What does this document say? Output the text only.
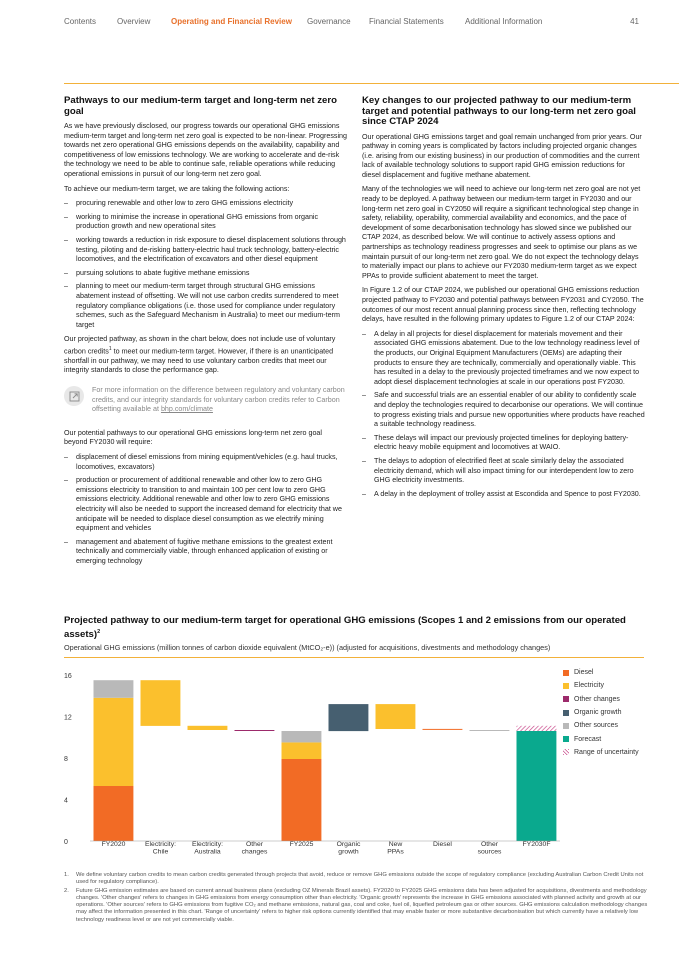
Contents	Overview	Operating and Financial Review Governance Financial Statements	Additional Information	41
Pathways to our medium-term target and long-term net zero goal

As we have previously disclosed, our progress towards our operational GHG emissions medium-term target and long-term net zero goal is expected to be non-linear. Progressing towards net zero operational GHG emissions depends on the availability, capability and competitiveness of low emissions technology. We are working to accelerate and de-risk the technology we need to be able to continue safe, reliable operations while reducing operational emissions in pursuit of our long-term net zero goal.

To achieve our medium-term target, we are taking the following actions:

– procuring renewable and other low to zero GHG emissions electricity
– working to minimise the increase in operational GHG emissions from organic production growth and new operational sites
– working towards a reduction in risk exposure to diesel displacement solutions through testing, piloting and de-risking battery-electric haul truck technology, battery-electric locomotives, and the electrification of excavators and other diesel equipment
– pursuing solutions to abate fugitive methane emissions
– planning to meet our medium-term target through structural GHG emissions abatement instead of offsetting. We will not use carbon credits surrendered to meet regulatory compliance obligations (i.e. those used for compliance under regulatory schemes, such as the Safeguard Mechanism in Australia) to meet our medium-term target

Our projected pathway, as shown in the chart below, does not include use of voluntary carbon credits$^1$ to meet our medium-term target. However, if there is an unanticipated shortfall in our pathway, we may need to use voluntary carbon credits that meet our integrity standards to close the performance gap.

For more information on the difference between regulatory and voluntary carbon credits, and our integrity standards for voluntary carbon credits refer to Carbon offsetting available at bhp.com/climate

Our potential pathways to our operational GHG emissions long-term net zero goal beyond FY2030 will require:

– displacement of diesel emissions from mining equipment/vehicles (e.g. haul trucks, locomotives, excavators)
– production or procurement of additional renewable and other low to zero GHG emissions electricity to transition to and maintain 100 per cent low to zero GHG emissions electricity. Additional renewable and other low to zero GHG emissions electricity will also be needed to support the increased demand for electricity that we anticipate will be needed to displace diesel consumption as we electrify mining equipment and vehicles
– management and abatement of fugitive methane emissions to the greatest extent technically and commercially viable, through enhanced application of existing or emerging technology
Key changes to our projected pathway to our medium-term target and potential pathways to our long-term net zero goal since CTAP 2024

Our operational GHG emissions target and goal remain unchanged from prior years. Our pathway in coming years is complicated by factors including projected organic changes (i.e. arising from our existing business) in our production of commodities and the current lack of available technology solutions to support rapid GHG emission reductions for diesel displacement and fugitive methane abatement.

Many of the technologies we will need to achieve our long-term net zero goal are not yet ready to be deployed. A pathway between our medium-term target in FY2030 and our long-term net zero goal in CY2050 will require a significant technological step change in safety, reliability, operability, commercial availability and economics, and the pace of development of some decarbonisation technology has slowed since we published our CTAP 2024, as described below. We will continue to actively assess options and partnerships as technology readiness progresses and seek to optimise our plans as we maintain pursuit of our long-term net zero goal. We do not expect the technology delays to materially impact our plans to achieve our FY2030 medium-term target as we expect PPAs to provide sufficient abatement to meet the target.

In Figure 1.2 of our CTAP 2024, we published our operational GHG emissions reduction projected pathway to FY2030 and potential pathways between FY2031 and CY2050. The outcomes of our most recent annual planning process since then, reflecting technology delays, have resulted in the following primary updates to Figure 1.2 of our CTAP 2024:

– A delay in all projects for diesel displacement for materials movement and their associated GHG emissions abatement. Due to the low technology readiness level of the products, our Original Equipment Manufacturers (OEMs) are adapting their products to ensure they are technically, commercially and operationally viable. This has resulted in a delay to the previously projected timeframes and we now expect to adopt diesel displacement technologies at scale in our operations post FY2030.
– Safe and successful trials are an essential enabler of our ability to confidently scale and deploy the technologies required to decarbonise our operations. We will continue to progress existing trials and pursue new opportunities where products have reached a suitable technology readiness.
– These delays will impact our previously projected timelines for deploying battery-electric heavy mobile equipment and locomotives at WAIO.
– The delays to adoption of electrified fleet at scale similarly delay the associated electricity demand, which will also impact timing for our interdependent low to zero GHG electricity investments.
– A delay in the deployment of trolley assist at Escondida and Spence to post FY2030.
Projected pathway to our medium-term target for operational GHG emissions (Scopes 1 and 2 emissions from our operated assets)$^2$
Operational GHG emissions (million tonnes of carbon dioxide equivalent (MtCO₂-e)) (adjusted for acquisitions, divestments and methodology changes)
0
4
8
12
16
FY2020	Electricity: Chile
Electricity: Australia
Other changes
FY2025	Organic growth
New PPAs
Diesel	Other sources
FY2030F
Diesel
Electricity
Other changes
Organic growth
Other sources
Forecast
Range of uncertainty
1.	We define voluntary carbon credits to mean carbon credits generated through projects that avoid, reduce or remove GHG emissions outside the scope of regulatory compliance (excluding Australian Carbon Credit Units not used for regulatory compliance).
2.	Future GHG emission estimates are based on current annual business plans (excluding OZ Minerals Brazil assets). FY2020 to FY2025 GHG emissions data has been adjusted for acquisitions, divestments and methodology changes. 'Other changes' refers to changes in GHG emissions from energy consumption other than electricity. 'Organic growth' represents the increase in GHG emissions associated with planned activity and growth at our operations. 'Other sources' refers to GHG emissions from fugitive CO₂ and methane emissions, natural gas, coal and coke, fuel oil, liquefied petroleum gas or other sources. GHG emissions calculation methodology changes may affect the information presented in this chart. 'Range of uncertainty' refers to higher risk options currently identified that may enable faster or more substantive decarbonisation but which currently have a relatively low technology readiness level or are not yet commercially viable.
